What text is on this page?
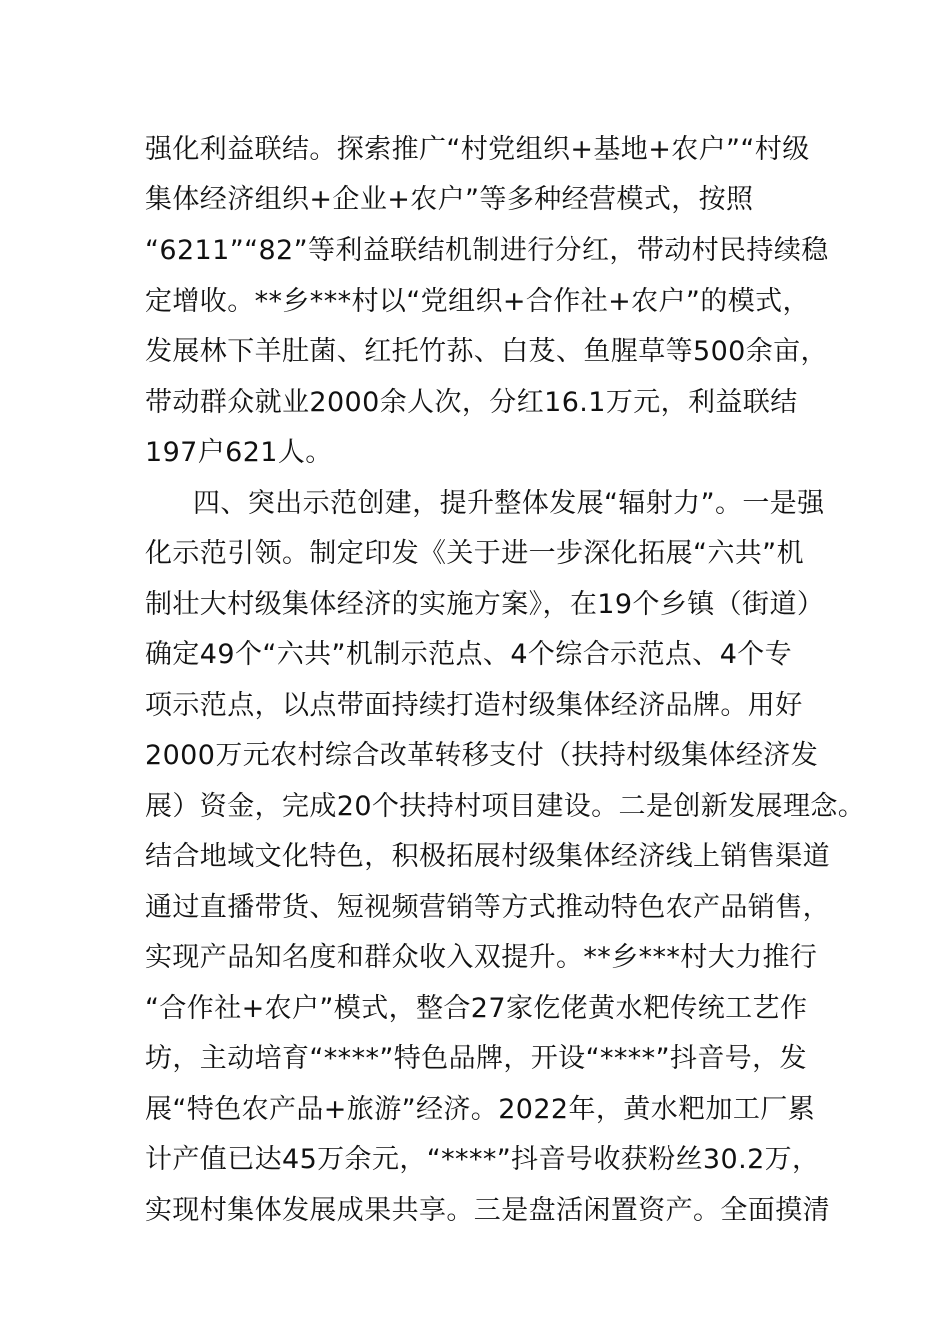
强化利益联结。探索推广“村党组织+基地+农户”“村级
集体经济组织+企业+农户”等多种经营模式，按照
“6211”“82”等利益联结机制进行分红，带动村民持续稳
定增收。**乡***村以“党组织+合作社+农户”的模式，
发展林下羊肚菌、红托竹荪、白芨、鱼腥草等500余亩，
带动群众就业2000余人次，分红16.1万元，利益联结
197户621人。
四、突出示范创建，提升整体发展“辐射力”。一是强
化示范引领。制定印发《关于进一步深化拓展“六共”机
制壮大村级集体经济的实施方案》，在19个乡镇（街道）
确定49个“六共”机制示范点、4个综合示范点、4个专
项示范点，以点带面持续打造村级集体经济品牌。用好
2000万元农村综合改革转移支付（扶持村级集体经济发
展）资金，完成20个扶持村项目建设。二是创新发展理念。
结合地域文化特色，积极拓展村级集体经济线上销售渠道
通过直播带货、短视频营销等方式推动特色农产品销售，
实现产品知名度和群众收入双提升。**乡***村大力推行
“合作社+农户”模式，整合27家仡佬黄水粑传统工艺作
坊，主动培育“****”特色品牌，开设“****”抖音号，发
展“特色农产品+旅游”经济。2022年，黄水粑加工厂累
计产值已达45万余元，“****”抖音号收获粉丝30.2万，
实现村集体发展成果共享。三是盘活闲置资产。全面摸清
